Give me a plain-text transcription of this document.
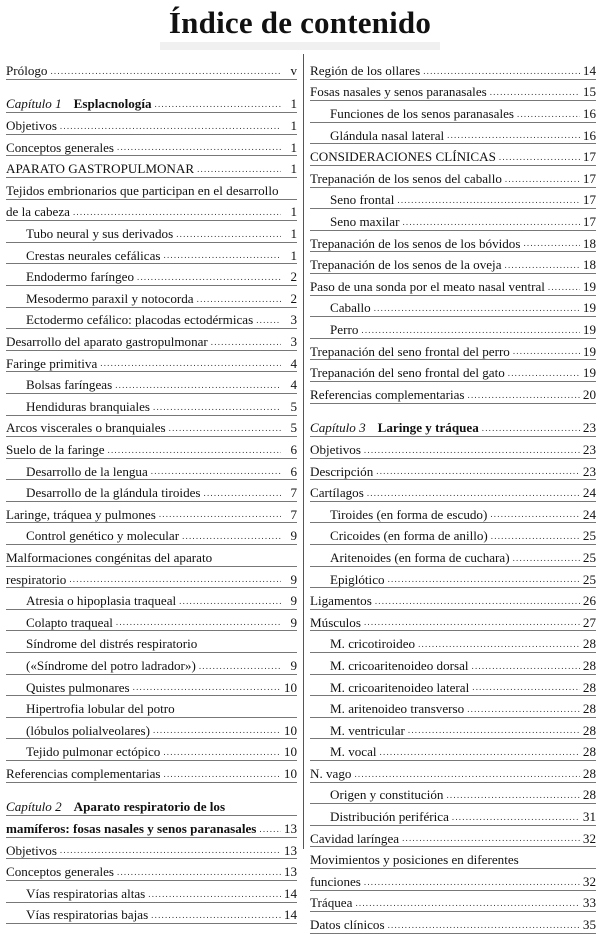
Índice de contenido
Prólogo .....	v
Capítulo 1 Esplacnología .....	1
Objetivos .....	1
Conceptos generales .....	1
APARATO GASTROPULMONAR .....	1
Tejidos embrionarios que participan en el desarrollo
de la cabeza .....	1
Tubo neural y sus derivados .....	1
Crestas neurales cefálicas .....	1
Endodermo faríngeo .....	2
Mesodermo paraxil y notocorda .....	2
Ectodermo cefálico: placodas ectodérmicas .....	3
Desarrollo del aparato gastropulmonar .....	3
Faringe primitiva .....	4
Bolsas faríngeas .....	4
Hendiduras branquiales .....	5
Arcos viscerales o branquiales .....	5
Suelo de la faringe .....	6
Desarrollo de la lengua .....	6
Desarrollo de la glándula tiroides .....	7
Laringe, tráquea y pulmones .....	7
Control genético y molecular .....	9
Malformaciones congénitas del aparato
respiratorio .....	9
Atresia o hipoplasia traqueal .....	9
Colapto traqueal .....	9
Síndrome del distrés respiratorio
(«Síndrome del potro ladrador») .....	9
Quistes pulmonares .....	10
Hipertrofia lobular del potro
(lóbulos polialveolares) .....	10
Tejido pulmonar ectópico .....	10
Referencias complementarias .....	10
Capítulo 2 Aparato respiratorio de los
mamíferos: fosas nasales y senos paranasales ..... 13
Objetivos .....	13
Conceptos generales .....	13
Vías respiratorias altas .....	14
Vías respiratorias bajas .....	14
Región de los ollares .....	14
Fosas nasales y senos paranasales .....	15
Funciones de los senos paranasales .....	16
Glándula nasal lateral .....	16
CONSIDERACIONES CLÍNICAS .....	17
Trepanación de los senos del caballo .....	17
Seno frontal .....	17
Seno maxilar .....	17
Trepanación de los senos de los bóvidos .....	18
Trepanación de los senos de la oveja .....	18
Paso de una sonda por el meato nasal ventral .....	19
Caballo .....	19
Perro .....	19
Trepanación del seno frontal del perro .....	19
Trepanación del seno frontal del gato .....	19
Referencias complementarias .....	20
Capítulo 3 Laringe y tráquea .....	23
Objetivos .....	23
Descripción .....	23
Cartílagos .....	24
Tiroides (en forma de escudo) .....	24
Cricoides (en forma de anillo) .....	25
Aritenoides (en forma de cuchara) .....	25
Epiglótico .....	25
Ligamentos .....	26
Músculos .....	27
M. cricotiroideo .....	28
M. cricoaritenoideo dorsal .....	28
M. cricoaritenoideo lateral .....	28
M. aritenoideo transverso .....	28
M. ventricular .....	28
M. vocal .....	28
N. vago .....	28
Origen y constitución .....	28
Distribución periférica .....	31
Cavidad laríngea .....	32
Movimientos y posiciones en diferentes
funciones .....	32
Tráquea .....	33
Datos clínicos .....	35
